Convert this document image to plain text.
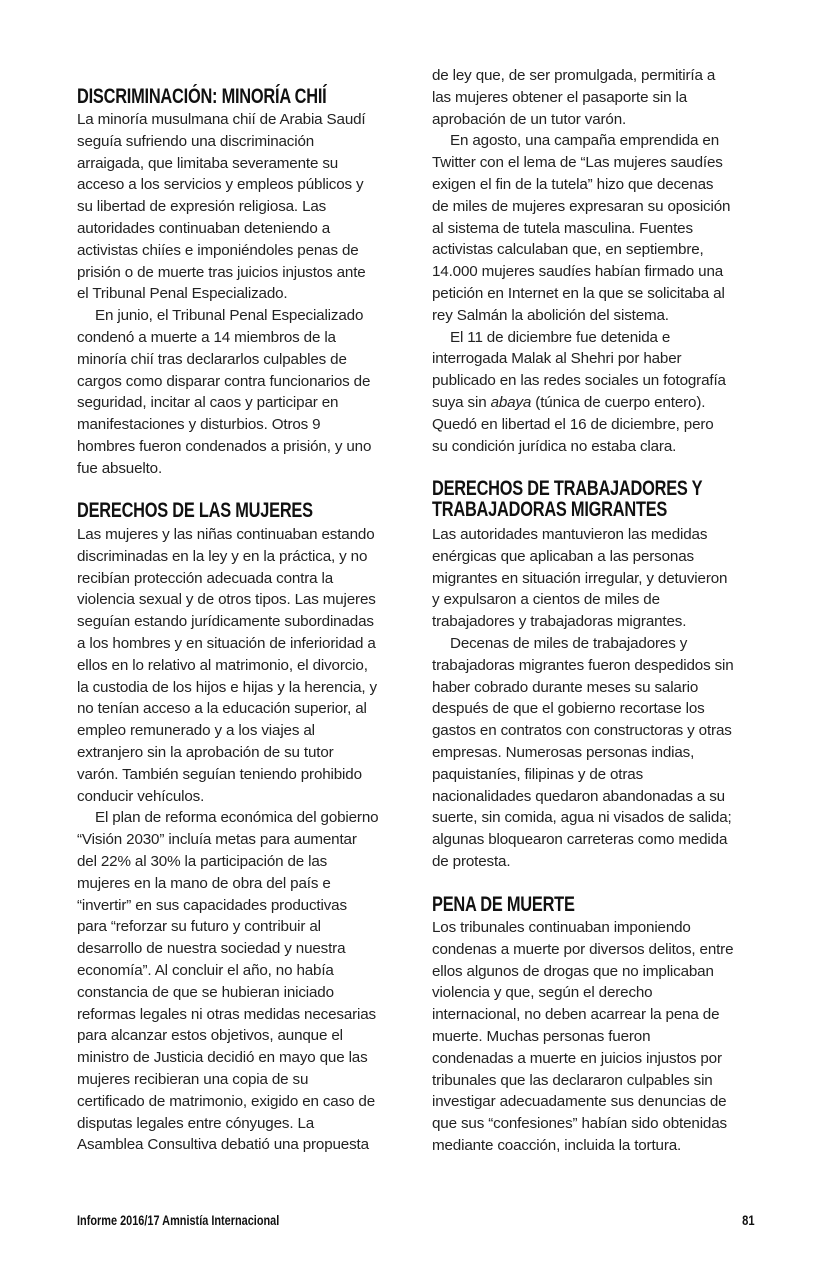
DISCRIMINACIÓN: MINORÍA CHIÍ

La minoría musulmana chií de Arabia Saudí
seguía sufriendo una discriminación
arraigada, que limitaba severamente su
acceso a los servicios y empleos públicos y
su libertad de expresión religiosa. Las
autoridades continuaban deteniendo a
activistas chiíes e imponiéndoles penas de
prisión o de muerte tras juicios injustos ante
el Tribunal Penal Especializado.

En junio, el Tribunal Penal Especializado
condenó a muerte a 14 miembros de la
minoría chií tras declararlos culpables de
cargos como disparar contra funcionarios de
seguridad, incitar al caos y participar en
manifestaciones y disturbios. Otros 9
hombres fueron condenados a prisión, y uno
fue absuelto.

DERECHOS DE LAS MUJERES

Las mujeres y las niñas continuaban estando
discriminadas en la ley y en la práctica, y no
recibían protección adecuada contra la
violencia sexual y de otros tipos. Las mujeres
seguían estando jurídicamente subordinadas
a los hombres y en situación de inferioridad a
ellos en lo relativo al matrimonio, el divorcio,
la custodia de los hijos e hijas y la herencia, y
no tenían acceso a la educación superior, al
empleo remunerado y a los viajes al
extranjero sin la aprobación de su tutor
varón. También seguían teniendo prohibido
conducir vehículos.

El plan de reforma económica del gobierno
“Visión 2030” incluía metas para aumentar
del 22% al 30% la participación de las
mujeres en la mano de obra del país e
“invertir” en sus capacidades productivas
para “reforzar su futuro y contribuir al
desarrollo de nuestra sociedad y nuestra
economía”. Al concluir el año, no había
constancia de que se hubieran iniciado
reformas legales ni otras medidas necesarias
para alcanzar estos objetivos, aunque el
ministro de Justicia decidió en mayo que las
mujeres recibieran una copia de su
certificado de matrimonio, exigido en caso de
disputas legales entre cónyuges. La
Asamblea Consultiva debatió una propuesta

de ley que, de ser promulgada, permitiría a
las mujeres obtener el pasaporte sin la
aprobación de un tutor varón.

En agosto, una campaña emprendida en
Twitter con el lema de “Las mujeres saudíes
exigen el fin de la tutela” hizo que decenas
de miles de mujeres expresaran su oposición
al sistema de tutela masculina. Fuentes
activistas calculaban que, en septiembre,
14.000 mujeres saudíes habían firmado una
petición en Internet en la que se solicitaba al
rey Salmán la abolición del sistema.

El 11 de diciembre fue detenida e
interrogada Malak al Shehri por haber
publicado en las redes sociales un fotografía
suya sin abaya (túnica de cuerpo entero).
Quedó en libertad el 16 de diciembre, pero
su condición jurídica no estaba clara.

DERECHOS DE TRABAJADORES Y
TRABAJADORAS MIGRANTES

Las autoridades mantuvieron las medidas
enérgicas que aplicaban a las personas
migrantes en situación irregular, y detuvieron
y expulsaron a cientos de miles de
trabajadores y trabajadoras migrantes.

Decenas de miles de trabajadores y
trabajadoras migrantes fueron despedidos sin
haber cobrado durante meses su salario
después de que el gobierno recortase los
gastos en contratos con constructoras y otras
empresas. Numerosas personas indias,
paquistaníes, filipinas y de otras
nacionalidades quedaron abandonadas a su
suerte, sin comida, agua ni visados de salida;
algunas bloquearon carreteras como medida
de protesta.

PENA DE MUERTE

Los tribunales continuaban imponiendo
condenas a muerte por diversos delitos, entre
ellos algunos de drogas que no implicaban
violencia y que, según el derecho
internacional, no deben acarrear la pena de
muerte. Muchas personas fueron
condenadas a muerte en juicios injustos por
tribunales que las declararon culpables sin
investigar adecuadamente sus denuncias de
que sus “confesiones” habían sido obtenidas
mediante coacción, incluida la tortura.

Informe 2016/17 Amnistía Internacional	81
